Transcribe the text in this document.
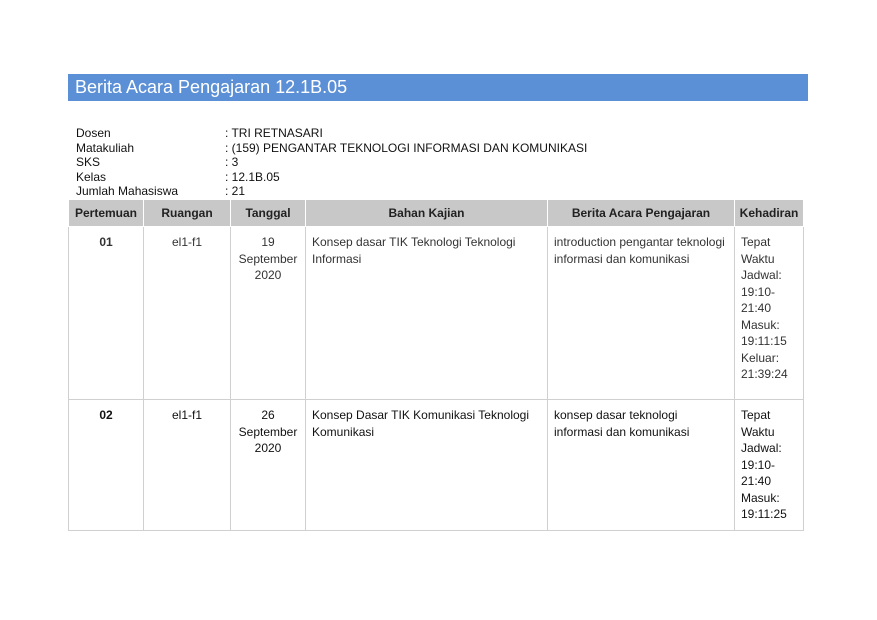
Berita Acara Pengajaran 12.1B.05
Dosen	: TRI RETNASARI
Matakuliah	: (159) PENGANTAR TEKNOLOGI INFORMASI DAN KOMUNIKASI
SKS	: 3
Kelas	: 12.1B.05
Jumlah Mahasiswa	: 21
Pertemuan	Ruangan	Tanggal	Bahan Kajian	Berita Acara Pengajaran	Kehadiran
01	el1-f1	19 September 2020	Konsep dasar TIK Teknologi Teknologi Informasi	introduction pengantar teknologi informasi dan komunikasi	Tepat Waktu Jadwal: 19:10-21:40 Masuk: 19:11:15 Keluar: 21:39:24
02	el1-f1	26 September 2020	Konsep Dasar TIK Komunikasi Teknologi Komunikasi	konsep dasar teknologi informasi dan komunikasi	Tepat Waktu Jadwal: 19:10-21:40 Masuk: 19:11:25
